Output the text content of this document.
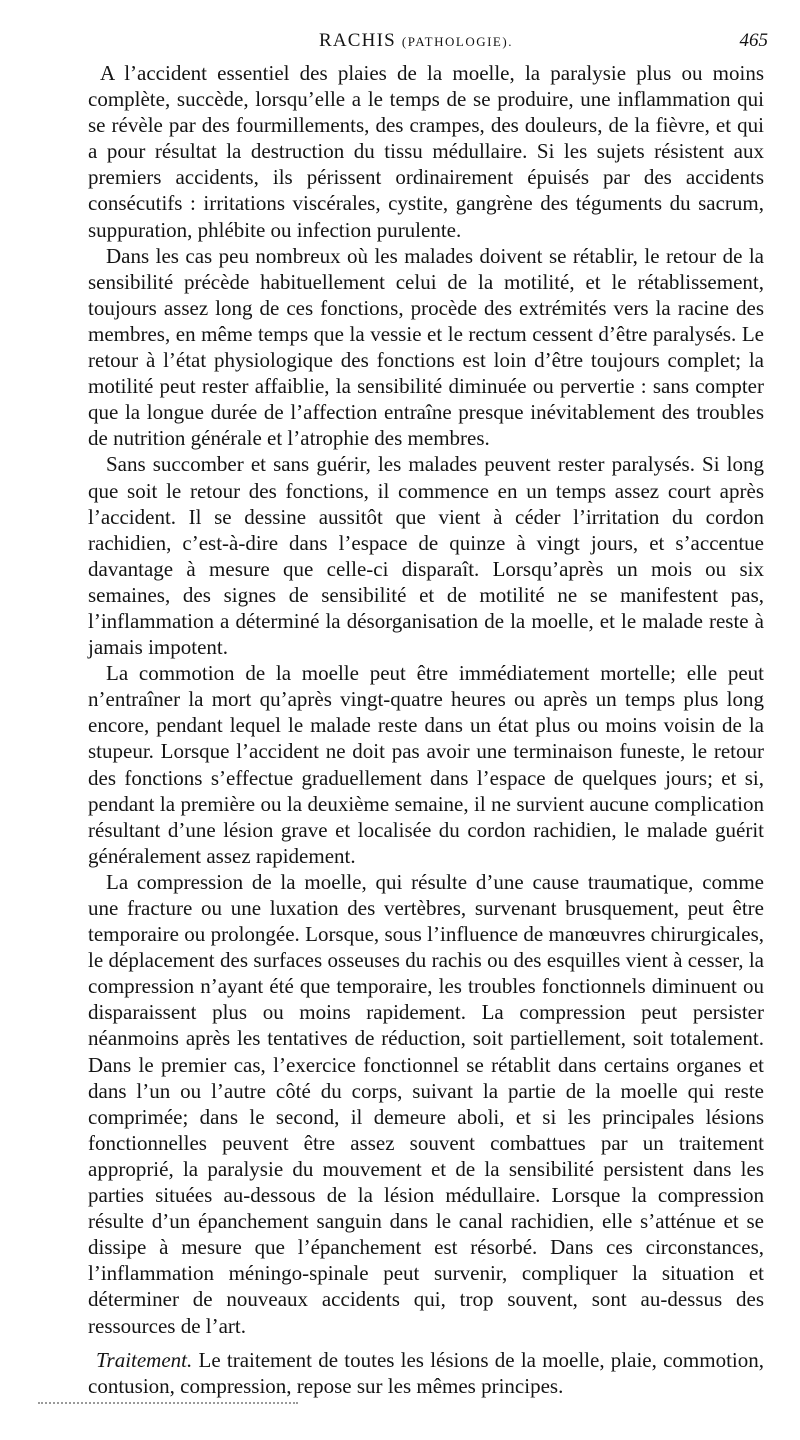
RACHIS (PATHOLOGIE).	465

A l’accident essentiel des plaies de la moelle, la paralysie plus ou moins complète, succède, lorsqu’elle a le temps de se produire, une inflammation qui se révèle par des fourmillements, des crampes, des douleurs, de la fièvre, et qui a pour résultat la destruction du tissu médullaire. Si les sujets résistent aux premiers accidents, ils périssent ordinairement épuisés par des accidents consécutifs : irritations viscérales, cystite, gangrène des téguments du sacrum, suppuration, phlébite ou infection purulente.

Dans les cas peu nombreux où les malades doivent se rétablir, le retour de la sensibilité précède habituellement celui de la motilité, et le rétablissement, toujours assez long de ces fonctions, procède des extrémités vers la racine des membres, en même temps que la vessie et le rectum cessent d’être paralysés. Le retour à l’état physiologique des fonctions est loin d’être toujours complet; la motilité peut rester affaiblie, la sensibilité diminuée ou pervertie : sans compter que la longue durée de l’affection entraîne presque inévitablement des troubles de nutrition générale et l’atrophie des membres.

Sans succomber et sans guérir, les malades peuvent rester paralysés. Si long que soit le retour des fonctions, il commence en un temps assez court après l’accident. Il se dessine aussitôt que vient à céder l’irritation du cordon rachidien, c’est-à-dire dans l’espace de quinze à vingt jours, et s’accentue davantage à mesure que celle-ci disparaît. Lorsqu’après un mois ou six semaines, des signes de sensibilité et de motilité ne se manifestent pas, l’inflammation a déterminé la désorganisation de la moelle, et le malade reste à jamais impotent.

La commotion de la moelle peut être immédiatement mortelle; elle peut n’entraîner la mort qu’après vingt-quatre heures ou après un temps plus long encore, pendant lequel le malade reste dans un état plus ou moins voisin de la stupeur. Lorsque l’accident ne doit pas avoir une terminaison funeste, le retour des fonctions s’effectue graduellement dans l’espace de quelques jours; et si, pendant la première ou la deuxième semaine, il ne survient aucune complication résultant d’une lésion grave et localisée du cordon rachidien, le malade guérit généralement assez rapidement.

La compression de la moelle, qui résulte d’une cause traumatique, comme une fracture ou une luxation des vertèbres, survenant brusquement, peut être temporaire ou prolongée. Lorsque, sous l’influence de manœuvres chirurgicales, le déplacement des surfaces osseuses du rachis ou des esquilles vient à cesser, la compression n’ayant été que temporaire, les troubles fonctionnels diminuent ou disparaissent plus ou moins rapidement. La compression peut persister néanmoins après les tentatives de réduction, soit partiellement, soit totalement. Dans le premier cas, l’exercice fonctionnel se rétablit dans certains organes et dans l’un ou l’autre côté du corps, suivant la partie de la moelle qui reste comprimée; dans le second, il demeure aboli, et si les principales lésions fonctionnelles peuvent être assez souvent combattues par un traitement approprié, la paralysie du mouvement et de la sensibilité persistent dans les parties situées au-dessous de la lésion médullaire. Lorsque la compression résulte d’un épanchement sanguin dans le canal rachidien, elle s’atténue et se dissipe à mesure que l’épanchement est résorbé. Dans ces circonstances, l’inflammation méningo-spinale peut survenir, compliquer la situation et déterminer de nouveaux accidents qui, trop souvent, sont au-dessus des ressources de l’art.

Traitement. Le traitement de toutes les lésions de la moelle, plaie, commotion, contusion, compression, repose sur les mêmes principes.
